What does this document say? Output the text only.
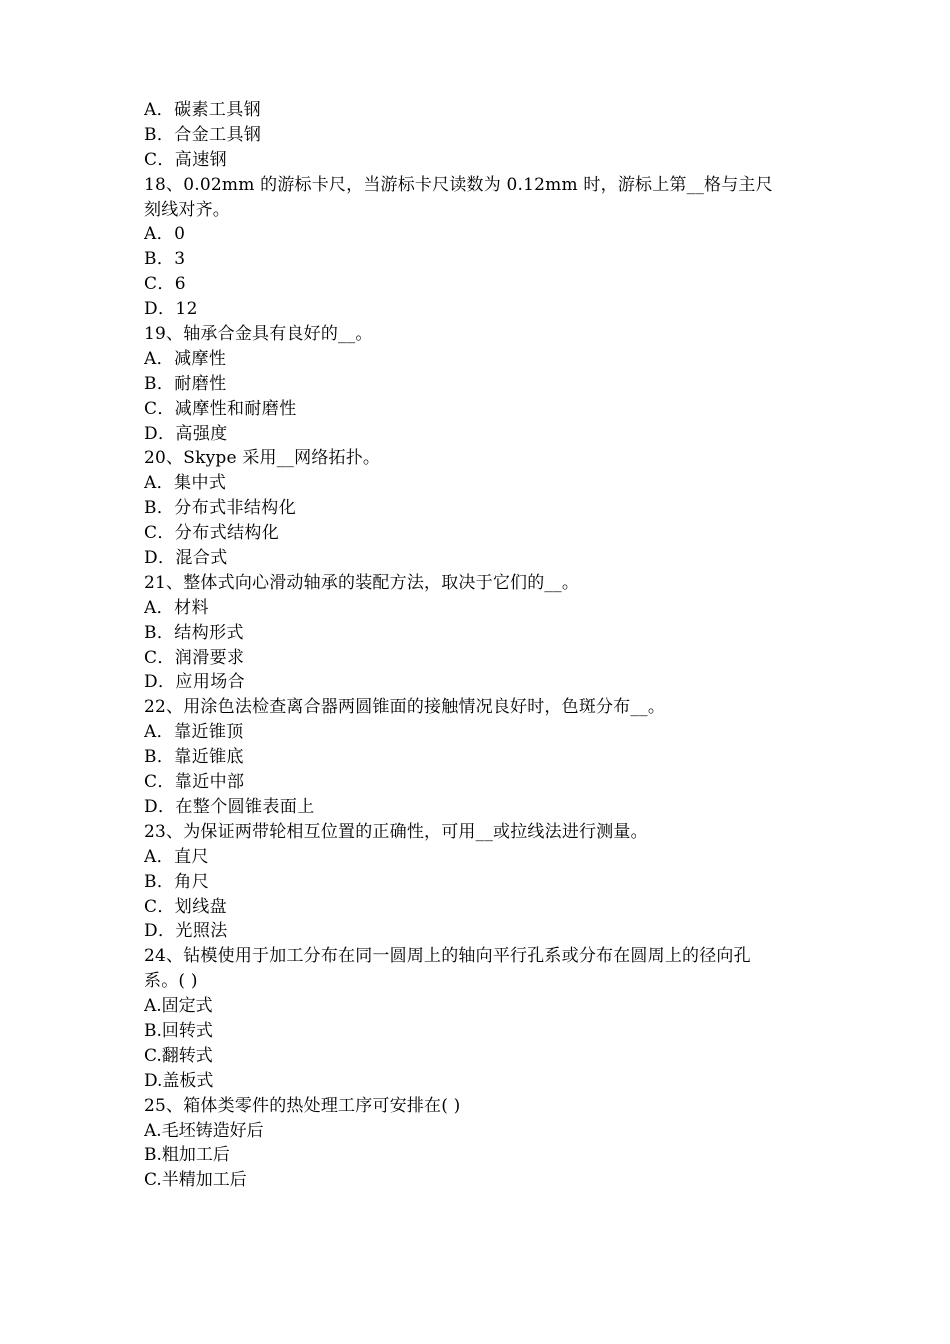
A．碳素工具钢
B．合金工具钢
C．高速钢
18、0.02mm 的游标卡尺，当游标卡尺读数为 0.12mm 时，游标上第__格与主尺
刻线对齐。
A．0
B．3
C．6
D．12
19、轴承合金具有良好的__。
A．减摩性
B．耐磨性
C．减摩性和耐磨性
D．高强度
20、Skype 采用__网络拓扑。
A．集中式
B．分布式非结构化
C．分布式结构化
D．混合式
21、整体式向心滑动轴承的装配方法，取决于它们的__。
A．材料
B．结构形式
C．润滑要求
D．应用场合
22、用涂色法检查离合器两圆锥面的接触情况良好时，色斑分布__。
A．靠近锥顶
B．靠近锥底
C．靠近中部
D．在整个圆锥表面上
23、为保证两带轮相互位置的正确性，可用__或拉线法进行测量。
A．直尺
B．角尺
C．划线盘
D．光照法
24、钻模使用于加工分布在同一圆周上的轴向平行孔系或分布在圆周上的径向孔
系。( )
A.固定式
B.回转式
C.翻转式
D.盖板式
25、箱体类零件的热处理工序可安排在( )
A.毛坯铸造好后
B.粗加工后
C.半精加工后
